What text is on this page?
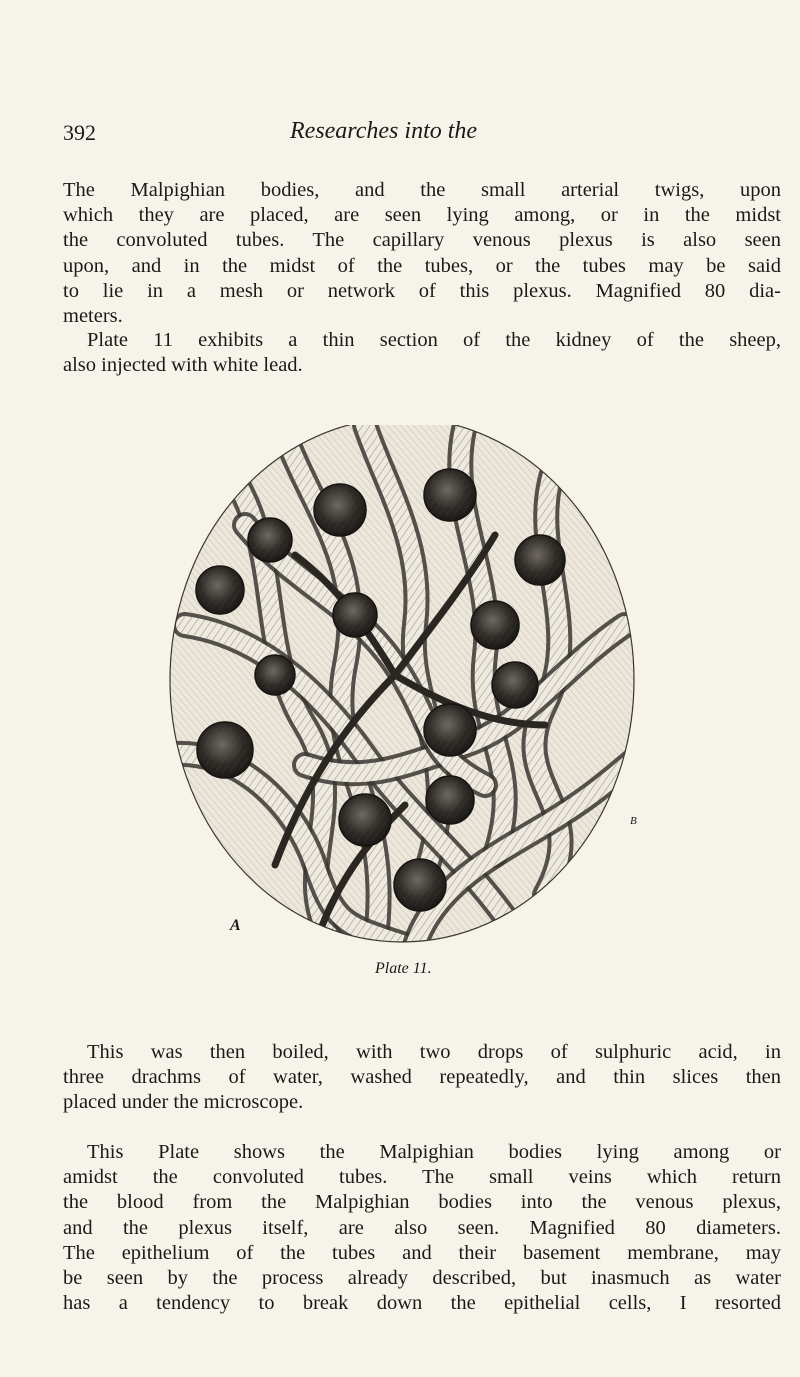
392	Researches into the
The Malpighian bodies, and the small arterial twigs, upon
which they are placed, are seen lying among, or in the midst
the convoluted tubes. The capillary venous plexus is also seen
upon, and in the midst of the tubes, or the tubes may be said
to lie in a mesh or network of this plexus. Magnified 80 dia-
meters.
Plate 11 exhibits a thin section of the kidney of the sheep,
also injected with white lead.
A
B
Plate 11.
This was then boiled, with two drops of sulphuric acid, in
three drachms of water, washed repeatedly, and thin slices then
placed under the microscope.
This Plate shows the Malpighian bodies lying among or
amidst the convoluted tubes. The small veins which return
the blood from the Malpighian bodies into the venous plexus,
and the plexus itself, are also seen. Magnified 80 diameters.
The epithelium of the tubes and their basement membrane, may
be seen by the process already described, but inasmuch as water
has a tendency to break down the epithelial cells, I resorted
